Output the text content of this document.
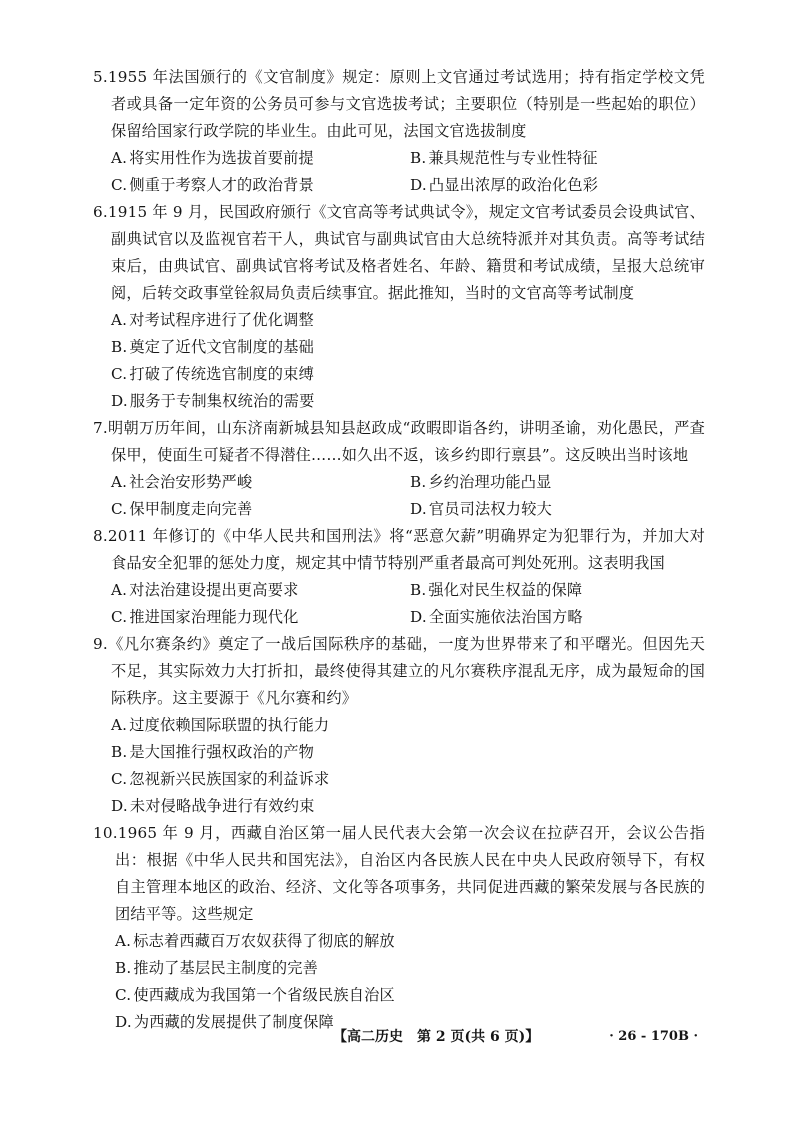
5.1955 年法国颁行的《文官制度》规定：原则上文官通过考试选用；持有指定学校文凭者或具备一定年资的公务员可参与文官选拔考试；主要职位（特别是一些起始的职位）保留给国家行政学院的毕业生。由此可见，法国文官选拔制度
A. 将实用性作为选拔首要前提	B. 兼具规范性与专业性特征
C. 侧重于考察人才的政治背景	D. 凸显出浓厚的政治化色彩
6.1915 年 9 月，民国政府颁行《文官高等考试典试令》，规定文官考试委员会设典试官、副典试官以及监视官若干人，典试官与副典试官由大总统特派并对其负责。高等考试结束后，由典试官、副典试官将考试及格者姓名、年龄、籍贯和考试成绩，呈报大总统审阅，后转交政事堂铨叙局负责后续事宜。据此推知，当时的文官高等考试制度
A. 对考试程序进行了优化调整
B. 奠定了近代文官制度的基础
C. 打破了传统选官制度的束缚
D. 服务于专制集权统治的需要
7.明朝万历年间，山东济南新城县知县赵政成“政暇即诣各约，讲明圣谕，劝化愚民，严查保甲，使面生可疑者不得潜住……如久出不返，该乡约即行禀县”。这反映出当时该地
A. 社会治安形势严峻	B. 乡约治理功能凸显
C. 保甲制度走向完善	D. 官员司法权力较大
8.2011 年修订的《中华人民共和国刑法》将“恶意欠薪”明确界定为犯罪行为，并加大对食品安全犯罪的惩处力度，规定其中情节特别严重者最高可判处死刑。这表明我国
A. 对法治建设提出更高要求	B. 强化对民生权益的保障
C. 推进国家治理能力现代化	D. 全面实施依法治国方略
9.《凡尔赛条约》奠定了一战后国际秩序的基础，一度为世界带来了和平曙光。但因先天不足，其实际效力大打折扣，最终使得其建立的凡尔赛秩序混乱无序，成为最短命的国际秩序。这主要源于《凡尔赛和约》
A. 过度依赖国际联盟的执行能力
B. 是大国推行强权政治的产物
C. 忽视新兴民族国家的利益诉求
D. 未对侵略战争进行有效约束
10.1965 年 9 月，西藏自治区第一届人民代表大会第一次会议在拉萨召开，会议公告指出：根据《中华人民共和国宪法》，自治区内各民族人民在中央人民政府领导下，有权自主管理本地区的政治、经济、文化等各项事务，共同促进西藏的繁荣发展与各民族的团结平等。这些规定
A. 标志着西藏百万农奴获得了彻底的解放
B. 推动了基层民主制度的完善
C. 使西藏成为我国第一个省级民族自治区
D. 为西藏的发展提供了制度保障
【高二历史　第 2 页(共 6 页)】	· 26 - 170B ·
